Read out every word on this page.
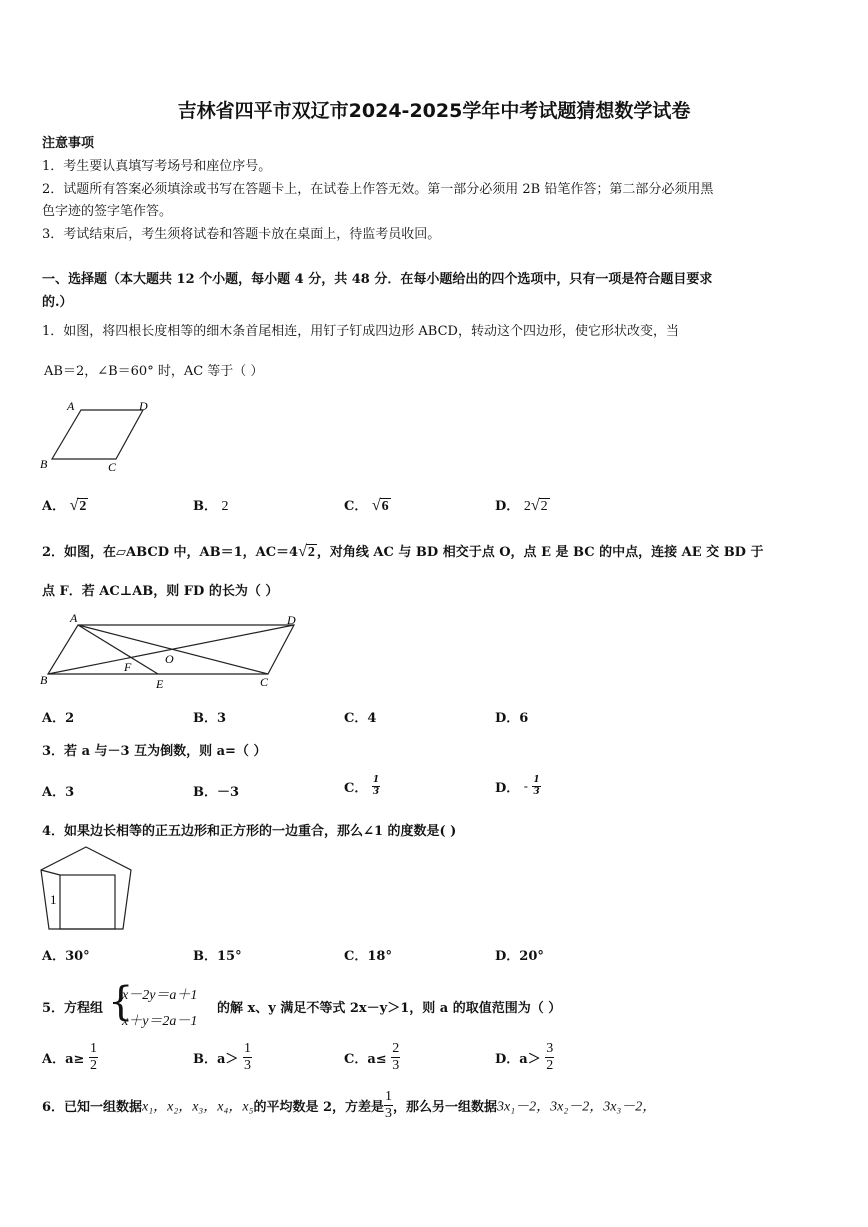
吉林省四平市双辽市2024-2025学年中考试题猜想数学试卷
注意事项
1．考生要认真填写考场号和座位序号。
2．试题所有答案必须填涂或书写在答题卡上，在试卷上作答无效。第一部分必须用 2B 铅笔作答；第二部分必须用黑
色字迹的签字笔作答。
3．考试结束后，考生须将试卷和答题卡放在桌面上，待监考员收回。
一、选择题（本大题共 12 个小题，每小题 4 分，共 48 分．在每小题给出的四个选项中，只有一项是符合题目要求
的.）
1．如图，将四根长度相等的细木条首尾相连，用钉子钉成四边形 ABCD，转动这个四边形，使它形状改变，当
AB＝2，∠B＝60° 时，AC 等于（ ）
A	D
B	C
A． √2	B． 2	C． √6	D． 2√2
2．如图，在▱ABCD 中，AB＝1，AC＝4√2 ，对角线 AC 与 BD 相交于点 O，点 E 是 BC 的中点，连接 AE 交 BD 于
点 F．若 AC⊥AB，则 FD 的长为（ ）
A	D
O
F
B	E	C
A．2	B．3	C．4	D．6
3．若 a 与－3 互为倒数，则 a=（ ）
A．3	B．－3	C． $\frac{1}{3}$	D． - $\frac{1}{3}$
4．如果边长相等的正五边形和正方形的一边重合，那么∠1 的度数是( )
1
A．30°	B．15°	C．18°	D．20°
5．方程组 {
x－2y＝a＋1
x＋y＝2a－1
的解 x、y 满足不等式 2x－y＞1，则 a 的取值范围为（ ）
A．$a\ge \frac{1}{2}$	B．$a> \frac{1}{3}$	C．$a\le \frac{2}{3}$	D．$a> \frac{3}{2}$
6．已知一组数据x₁，x₂，x₃，x₄，x₅的平均数是 2，方差是 $\frac{1}{3}$ ，那么另一组数据3x₁－2，3x₂－2，3x₃－2，
